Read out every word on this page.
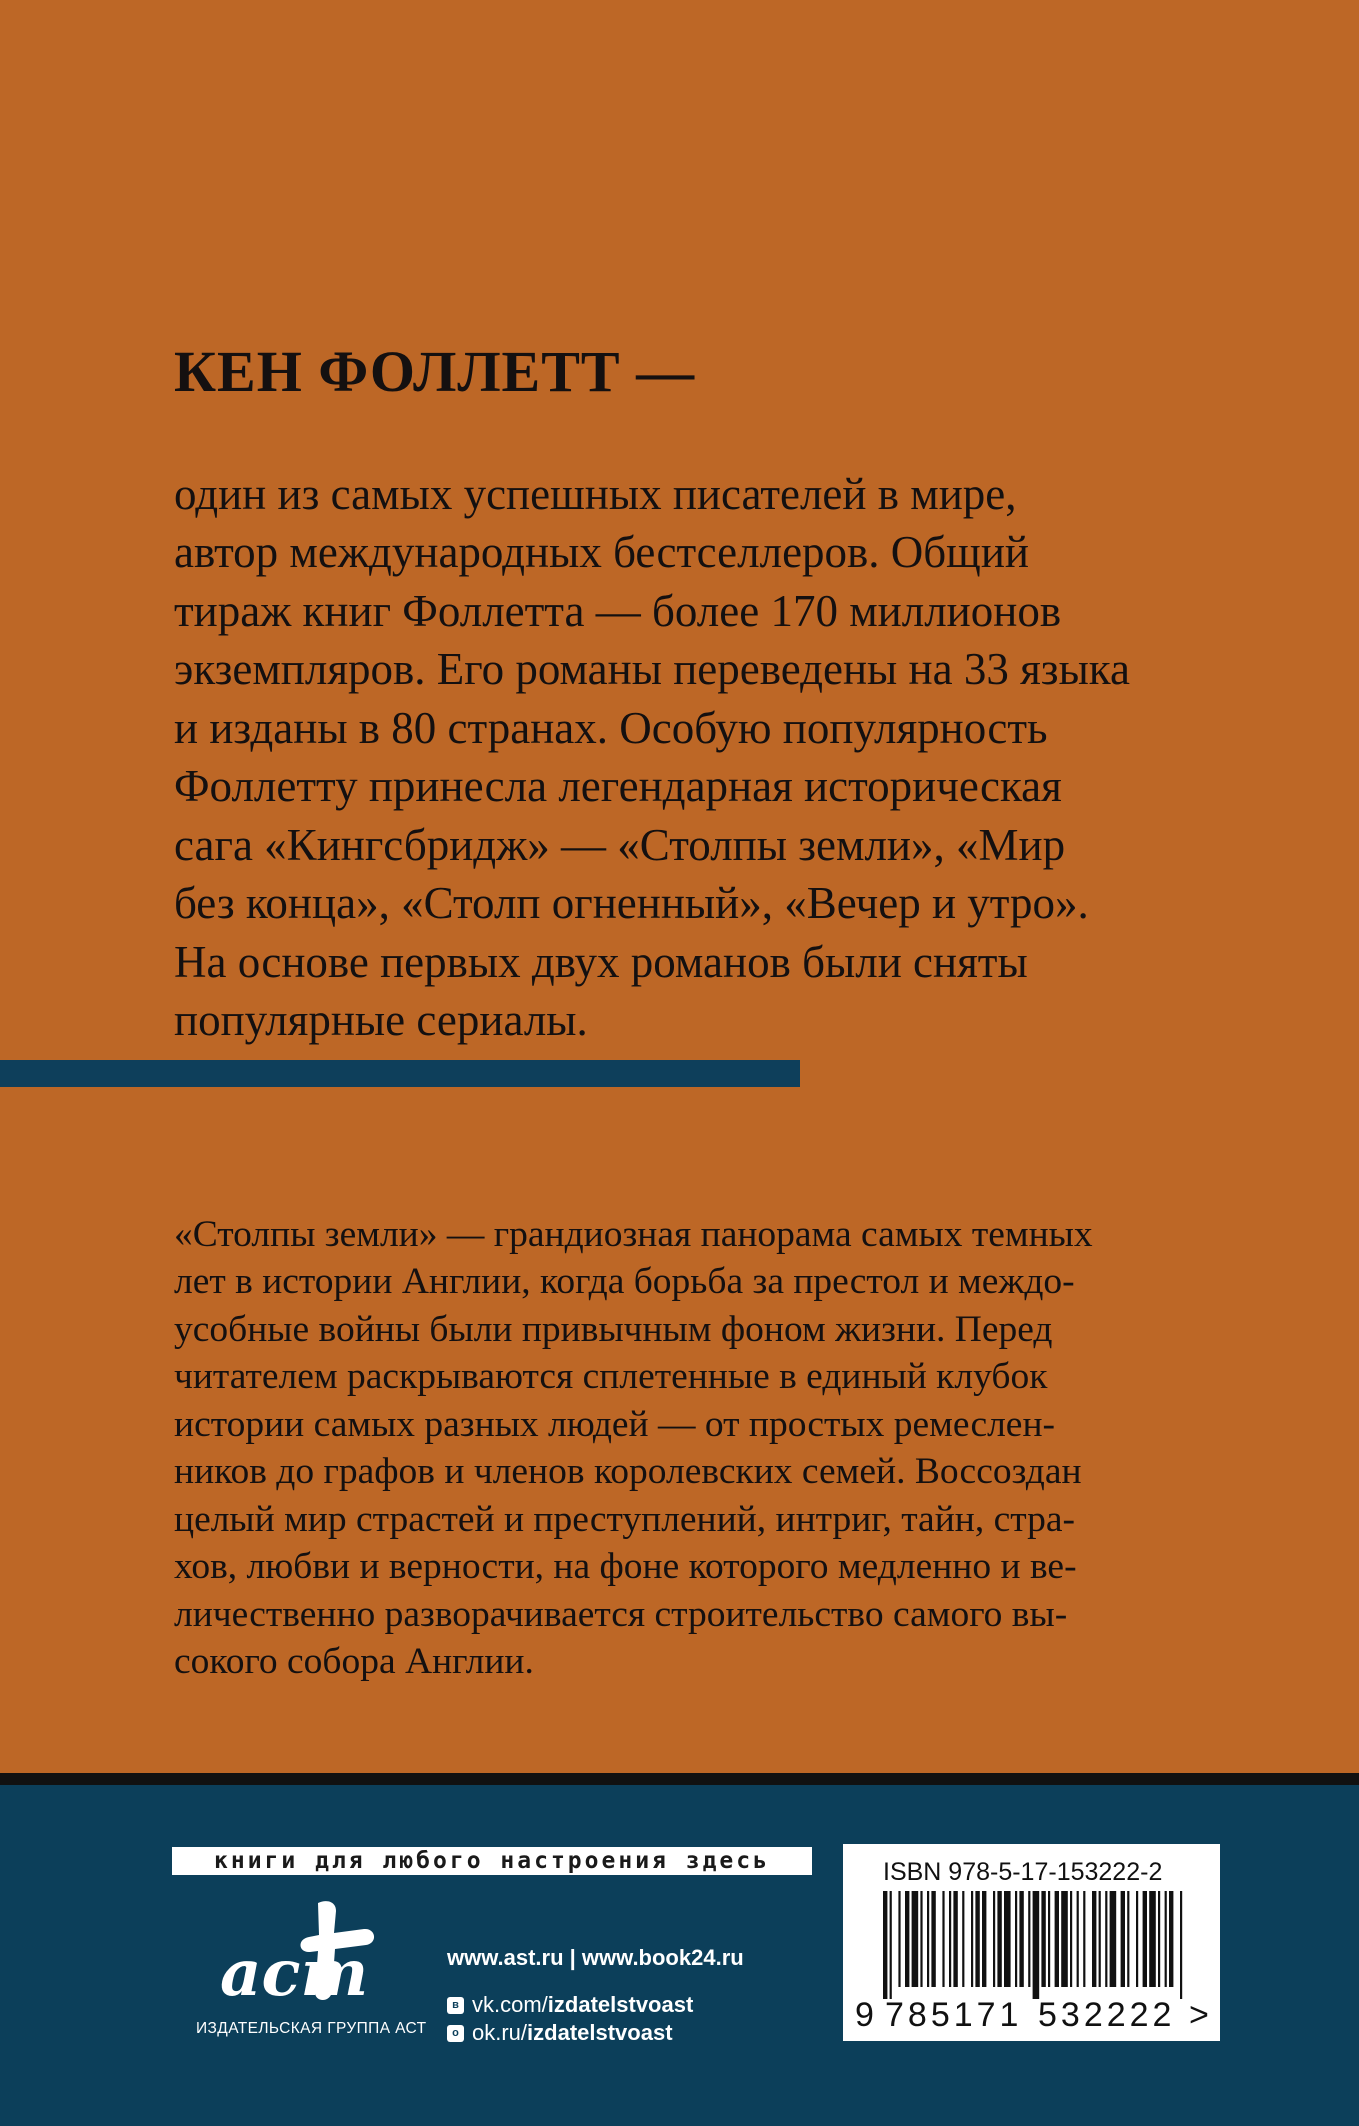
КЕН ФОЛЛЕТТ —

один из самых успешных писателей в мире,
автор международных бестселлеров. Общий
тираж книг Фоллетта — более 170 миллионов
экземпляров. Его романы переведены на 33 языка
и изданы в 80 странах. Особую популярность
Фоллетту принесла легендарная историческая
сага «Кингсбридж» — «Столпы земли», «Мир
без конца», «Столп огненный», «Вечер и утро».
На основе первых двух романов были сняты
популярные сериалы.

«Столпы земли» — грандиозная панорама самых темных
лет в истории Англии, когда борьба за престол и междо-
усобные войны были привычным фоном жизни. Перед
читателем раскрываются сплетенные в единый клубок
истории самых разных людей — от простых ремеслен-
ников до графов и членов королевских семей. Воссоздан
целый мир страстей и преступлений, интриг, тайн, стра-
хов, любви и верности, на фоне которого медленно и ве-
личественно разворачивается строительство самого вы-
сокого собора Англии.

книги для любого настроения здесь
аст
ИЗДАТЕЛЬСКАЯ ГРУППА АСТ
www.ast.ru | www.book24.ru
в vk.com/ izdatelstvoast
о ok.ru/ izdatelstvoast
ISBN 978-5-17-153222-2
9 785171 532222 >
